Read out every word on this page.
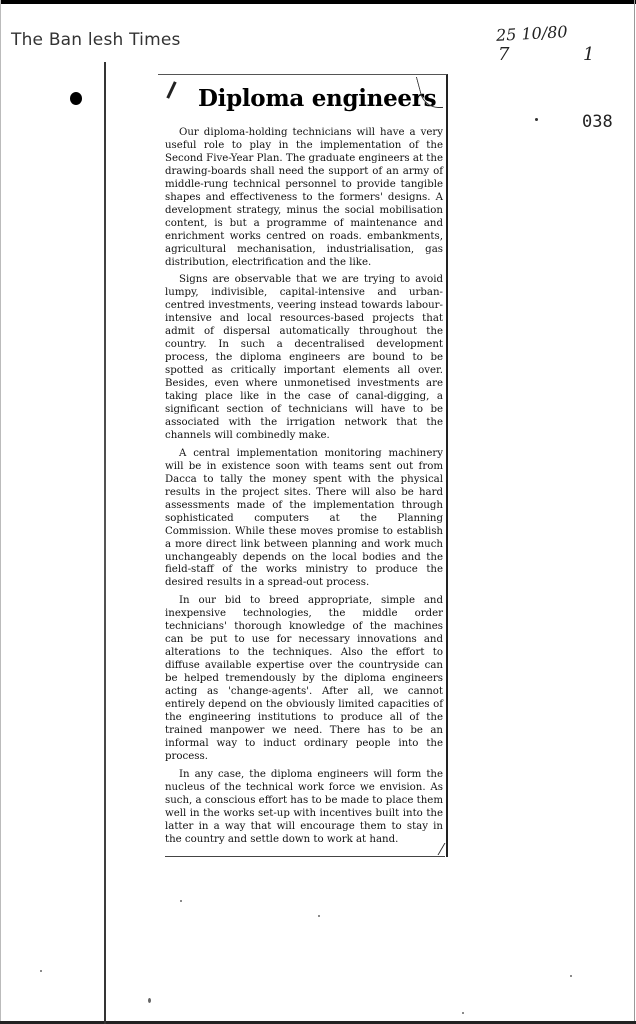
The Ban lesh Times	25 10/80
7	1
038
Diploma engineers

Our diploma-holding technicians will have a very useful role to play in the implementation of the Second Five-Year Plan. The graduate engineers at the drawing-boards shall need the support of an army of middle-rung technical personnel to provide tangible shapes and effectiveness to the formers' designs. A development strategy, minus the social mobilisation content, is but a programme of maintenance and enrichment works centred on roads. embankments, agricultural mechanisation, industrialisation, gas distribution, electrification and the like.

Signs are observable that we are trying to avoid lumpy, indivisible, capital-intensive and urban-centred investments, veering instead towards labour-intensive and local resources-based projects that admit of dispersal automatically throughout the country. In such a decentralised development process, the diploma engineers are bound to be spotted as critically important elements all over. Besides, even where unmonetised investments are taking place like in the case of canal-digging, a significant section of technicians will have to be associated with the irrigation network that the channels will combinedly make.

A central implementation monitoring machinery will be in existence soon with teams sent out from Dacca to tally the money spent with the physical results in the project sites. There will also be hard assessments made of the implementation through sophisticated computers at the Planning Commission. While these moves promise to establish a more direct link between planning and work much unchangeably depends on the local bodies and the field-staff of the works ministry to produce the desired results in a spread-out process.

In our bid to breed appropriate, simple and inexpensive technologies, the middle order technicians' thorough knowledge of the machines can be put to use for necessary innovations and alterations to the techniques. Also the effort to diffuse available expertise over the countryside can be helped tremendously by the diploma engineers acting as 'change-agents'. After all, we cannot entirely depend on the obviously limited capacities of the engineering institutions to produce all of the trained manpower we need. There has to be an informal way to induct ordinary people into the process.

In any case, the diploma engineers will form the nucleus of the technical work force we envision. As such, a conscious effort has to be made to place them well in the works set-up with incentives built into the latter in a way that will encourage them to stay in the country and settle down to work at hand.
